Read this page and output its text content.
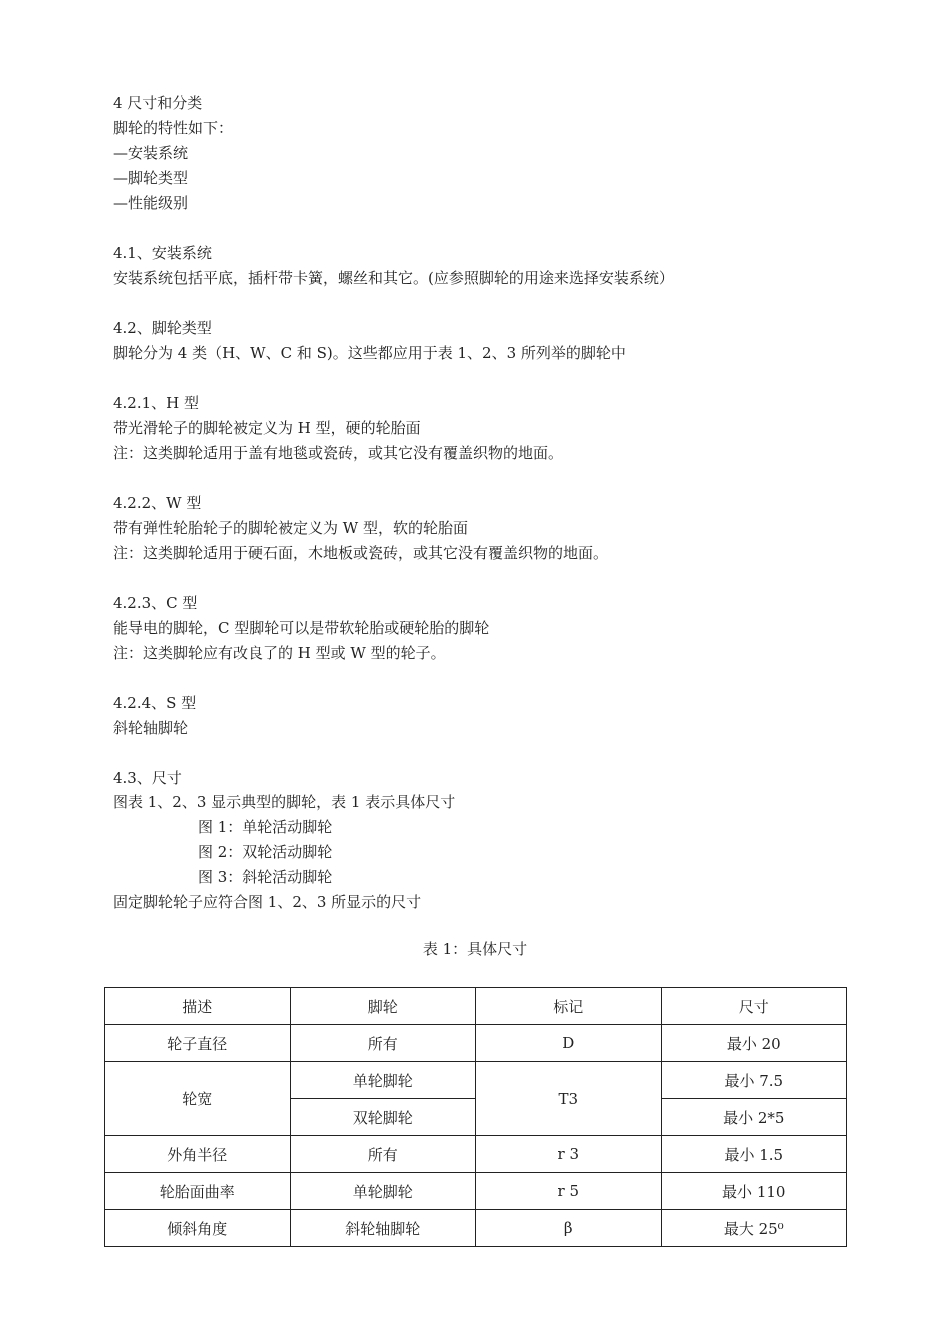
4 尺寸和分类
脚轮的特性如下：
—安装系统
—脚轮类型
—性能级别
4.1、安装系统
安装系统包括平底，插杆带卡簧，螺丝和其它。(应参照脚轮的用途来选择安装系统）
4.2、脚轮类型
脚轮分为 4 类（H、W、C 和 S)。这些都应用于表 1、2、3 所列举的脚轮中
4.2.1、H 型
带光滑轮子的脚轮被定义为 H 型，硬的轮胎面
注：这类脚轮适用于盖有地毯或瓷砖，或其它没有覆盖织物的地面。
4.2.2、W 型
带有弹性轮胎轮子的脚轮被定义为 W 型，软的轮胎面
注：这类脚轮适用于硬石面，木地板或瓷砖，或其它没有覆盖织物的地面。
4.2.3、C 型
能导电的脚轮，C 型脚轮可以是带软轮胎或硬轮胎的脚轮
注：这类脚轮应有改良了的 H 型或 W 型的轮子。
4.2.4、S 型
斜轮轴脚轮
4.3、尺寸
图表 1、2、3 显示典型的脚轮，表 1 表示具体尺寸
图 1：单轮活动脚轮
图 2：双轮活动脚轮
图 3：斜轮活动脚轮
固定脚轮轮子应符合图 1、2、3 所显示的尺寸
表 1：具体尺寸
描述	脚轮	标记	尺寸
轮子直径	所有	D	最小 20
轮宽	单轮脚轮	T3	最小 7.5
	双轮脚轮		最小 2*5
外角半径	所有	r 3	最小 1.5
轮胎面曲率	单轮脚轮	r 5	最小 110
倾斜角度	斜轮轴脚轮	β	最大 25⁰
